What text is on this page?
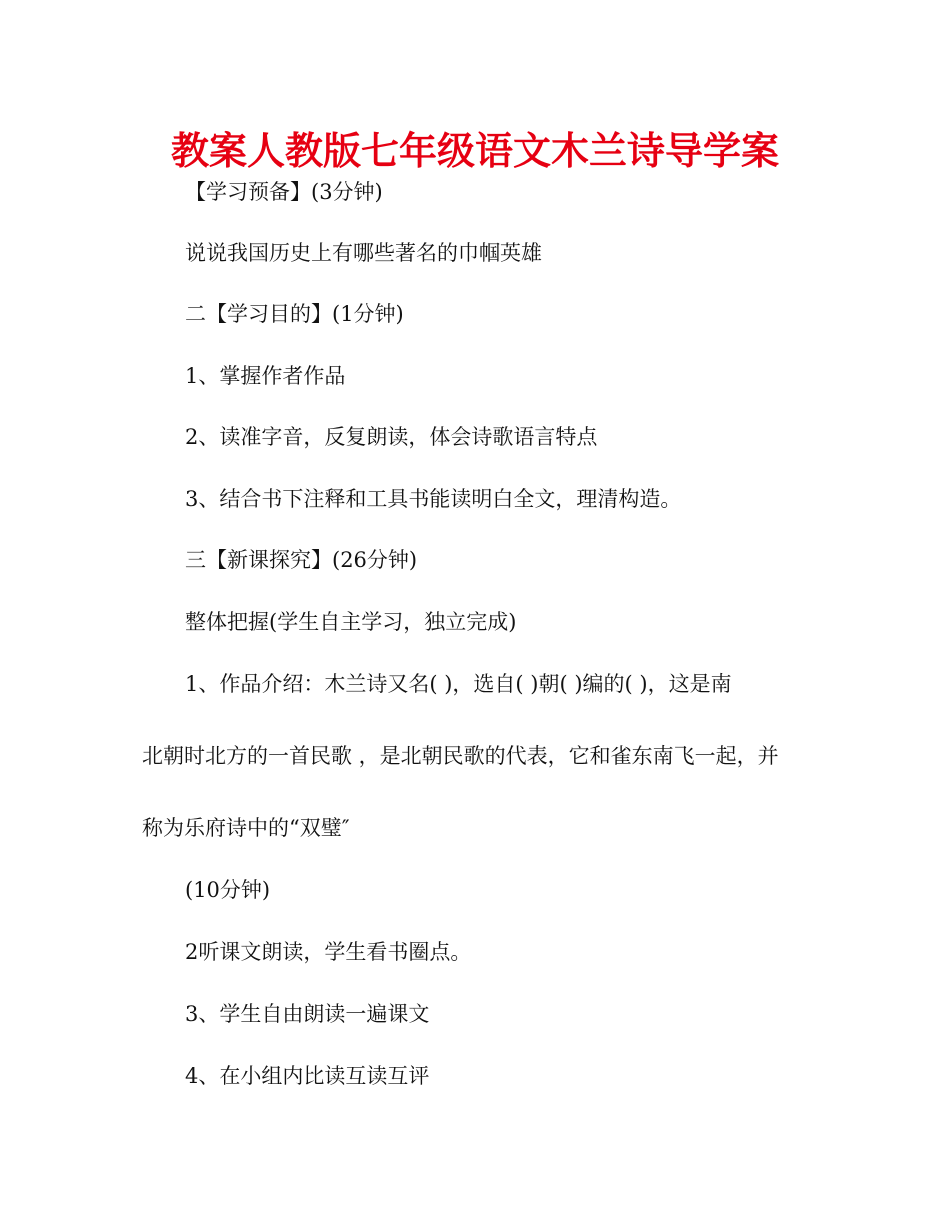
教案人教版七年级语文木兰诗导学案
【学习预备】(3分钟)
说说我国历史上有哪些著名的巾帼英雄
二【学习目的】(1分钟)
1、掌握作者作品
2、读准字音，反复朗读，体会诗歌语言特点
3、结合书下注释和工具书能读明白全文，理清构造。
三【新课探究】(26分钟)
整体把握(学生自主学习，独立完成)
1、作品介绍：木兰诗又名( )，选自( )朝( )编的( )，这是南
北朝时北方的一首民歌 ，是北朝民歌的代表，它和雀东南飞一起，并
称为乐府诗中的“双璧″
(10分钟)
2听课文朗读，学生看书圈点。
3、学生自由朗读一遍课文
4、在小组内比读互读互评
